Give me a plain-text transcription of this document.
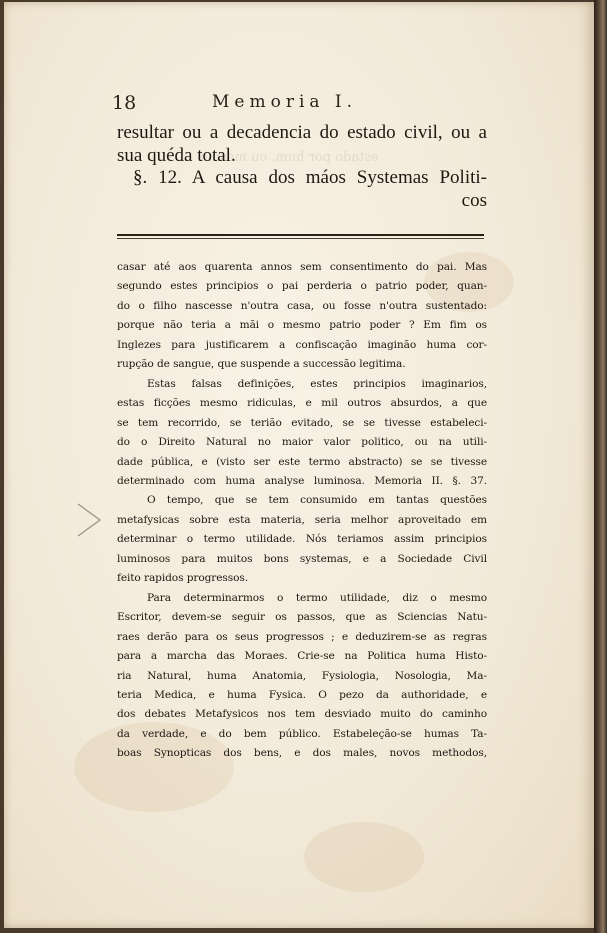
18	Memoria I.
estado por hum, ou mesmo
resultar ou a decadencia do estado civil, ou a
sua quéda total.
§. 12. A causa dos máos Systemas Politi-
cos
casar até aos quarenta annos sem consentimento do pai. Mas
segundo estes principios o pai perderia o patrio poder, quan-
do o filho nascesse n'outra casa, ou fosse n'outra sustentado:
porque não teria a mãi o mesmo patrio poder ? Em fim os
Inglezes para justificarem a confiscação imaginão huma cor-
rupção de sangue, que suspende a successão legitima.
Estas falsas definições, estes principios imaginarios,
estas ficções mesmo ridiculas, e mil outros absurdos, a que
se tem recorrido, se terião evitado, se se tivesse estabeleci-
do o Direito Natural no maior valor politico, ou na utili-
dade pública, e (visto ser este termo abstracto) se se tivesse
determinado com huma analyse luminosa. Memoria II. §. 37.
O tempo, que se tem consumido em tantas questões
metafysicas sobre esta materia, seria melhor aproveitado em
determinar o termo utilidade. Nós teriamos assim principios
luminosos para muitos bons systemas, e a Sociedade Civil
feito rapidos progressos.
Para determinarmos o termo utilidade, diz o mesmo
Escritor, devem-se seguir os passos, que as Sciencias Natu-
raes derão para os seus progressos ; e deduzirem-se as regras
para a marcha das Moraes. Crie-se na Politica huma Histo-
ria Natural, huma Anatomia, Fysiologia, Nosologia, Ma-
teria Medica, e huma Fysica. O pezo da authoridade, e
dos debates Metafysicos nos tem desviado muito do caminho
da verdade, e do bem público. Estabeleção-se humas Ta-
boas Synopticas dos bens, e dos males, novos methodos,
